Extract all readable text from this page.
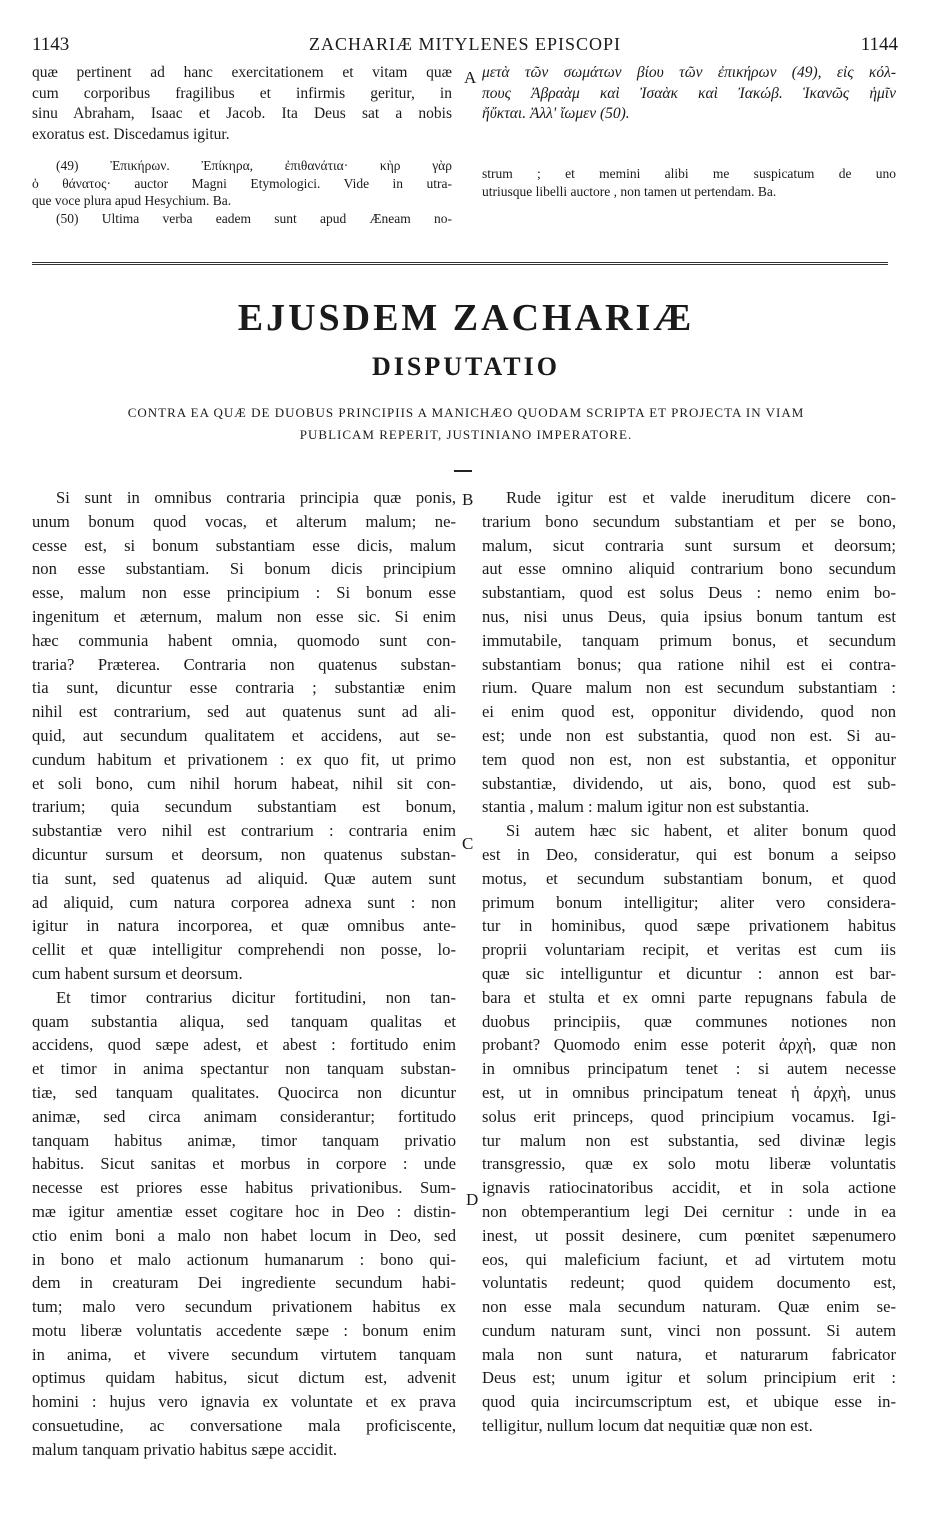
1143	ZACHARIÆ MITYLENES EPISCOPI	1144
quæ pertinent ad hanc exercitationem et vitam quæ
cum corporibus fragilibus et infirmis geritur, in
sinu Abraham, Isaac et Jacob. Ita Deus sat a nobis
exoratus est. Discedamus igitur.
A μετὰ τῶν σωμάτων βίου τῶν ἐπικήρων (49), εἰς κόλ-
πους Ἀβραὰμ καὶ Ἰσαὰκ καὶ Ἰακώβ. Ἱκανῶς ἡμῖν
ἤὔκται. Ἀλλ' ἴωμεν (50).
(49) Ἐπικήρων. Ἐπίκηρα, ἐπιθανάτια· κὴρ γὰρ
ὁ θάνατος· auctor Magni Etymologici. Vide in utra-
que voce plura apud Hesychium. Ba.
(50) Ultima verba eadem sunt apud Æneam no-
strum ; et memini alibi me suspicatum de uno
utriusque libelli auctore , non tamen ut pertendam. Ba.
EJUSDEM ZACHARIÆ
DISPUTATIO
CONTRA EA QUÆ DE DUOBUS PRINCIPIIS A MANICHÆO QUODAM SCRIPTA ET PROJECTA IN VIAM
PUBLICAM REPERIT, JUSTINIANO IMPERATORE.
B
C
D
Si sunt in omnibus contraria principia quæ ponis,
unum bonum quod vocas, et alterum malum; ne-
cesse est, si bonum substantiam esse dicis, malum
non esse substantiam. Si bonum dicis principium
esse, malum non esse principium : Si bonum esse
ingenitum et æternum, malum non esse sic. Si enim
hæc communia habent omnia, quomodo sunt con-
traria? Præterea. Contraria non quatenus substan-
tia sunt, dicuntur esse contraria ; substantiæ enim
nihil est contrarium, sed aut quatenus sunt ad ali-
quid, aut secundum qualitatem et accidens, aut se-
cundum habitum et privationem : ex quo fit, ut primo
et soli bono, cum nihil horum habeat, nihil sit con-
trarium; quia secundum substantiam est bonum,
substantiæ vero nihil est contrarium : contraria enim
dicuntur sursum et deorsum, non quatenus substan-
tia sunt, sed quatenus ad aliquid. Quæ autem sunt
ad aliquid, cum natura corporea adnexa sunt : non
igitur in natura incorporea, et quæ omnibus ante-
cellit et quæ intelligitur comprehendi non posse, lo-
cum habent sursum et deorsum.
Et timor contrarius dicitur fortitudini, non tan-
quam substantia aliqua, sed tanquam qualitas et
accidens, quod sæpe adest, et abest : fortitudo enim
et timor in anima spectantur non tanquam substan-
tiæ, sed tanquam qualitates. Quocirca non dicuntur
animæ, sed circa animam considerantur; fortitudo
tanquam habitus animæ, timor tanquam privatio
habitus. Sicut sanitas et morbus in corpore : unde
necesse est priores esse habitus privationibus. Sum-
mæ igitur amentiæ esset cogitare hoc in Deo : distin-
ctio enim boni a malo non habet locum in Deo, sed
in bono et malo actionum humanarum : bono qui-
dem in creaturam Dei ingrediente secundum habi-
tum; malo vero secundum privationem habitus ex
motu liberæ voluntatis accedente sæpe : bonum enim
in anima, et vivere secundum virtutem tanquam
optimus quidam habitus, sicut dictum est, advenit
homini : hujus vero ignavia ex voluntate et ex prava
consuetudine, ac conversatione mala proficiscente,
malum tanquam privatio habitus sæpe accidit.
Rude igitur est et valde ineruditum dicere con-
trarium bono secundum substantiam et per se bono,
malum, sicut contraria sunt sursum et deorsum;
aut esse omnino aliquid contrarium bono secundum
substantiam, quod est solus Deus : nemo enim bo-
nus, nisi unus Deus, quia ipsius bonum tantum est
immutabile, tanquam primum bonus, et secundum
substantiam bonus; qua ratione nihil est ei contra-
rium. Quare malum non est secundum substantiam :
ei enim quod est, opponitur dividendo, quod non
est; unde non est substantia, quod non est. Si au-
tem quod non est, non est substantia, et opponitur
substantiæ, dividendo, ut ais, bono, quod est sub-
stantia , malum : malum igitur non est substantia.
Si autem hæc sic habent, et aliter bonum quod
est in Deo, consideratur, qui est bonum a seipso
motus, et secundum substantiam bonum, et quod
primum bonum intelligitur; aliter vero considera-
tur in hominibus, quod sæpe privationem habitus
proprii voluntariam recipit, et veritas est cum iis
quæ sic intelliguntur et dicuntur : annon est bar-
bara et stulta et ex omni parte repugnans fabula de
duobus principiis, quæ communes notiones non
probant? Quomodo enim esse poterit ἀρχὴ, quæ non
in omnibus principatum tenet : si autem necesse
est, ut in omnibus principatum teneat ἡ ἀρχὴ, unus
solus erit princeps, quod principium vocamus. Igi-
tur malum non est substantia, sed divinæ legis
transgressio, quæ ex solo motu liberæ voluntatis
ignavis ratiocinatoribus accidit, et in sola actione
non obtemperantium legi Dei cernitur : unde in ea
inest, ut possit desinere, cum pœnitet sæpenumero
eos, qui maleficium faciunt, et ad virtutem motu
voluntatis redeunt; quod quidem documento est,
non esse mala secundum naturam. Quæ enim se-
cundum naturam sunt, vinci non possunt. Si autem
mala non sunt natura, et naturarum fabricator
Deus est; unum igitur et solum principium erit :
quod quia incircumscriptum est, et ubique esse in-
telligitur, nullum locum dat nequitiæ quæ non est.
